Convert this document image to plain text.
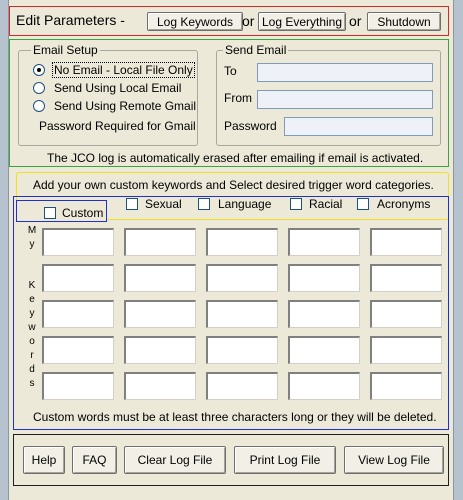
Edit Parameters -	Log Keywords or Log Everything or	Shutdown
Email Setup
No Email - Local File Only
Send Using Local Email
Send Using Remote Gmail
Password Required for Gmail
Send Email
To
From
Password
The JCO log is automatically erased after emailing if email is activated.
Add your own custom keywords and Select desired trigger word categories.
Custom
Sexual	Language	Racial	Acronyms
M
y
K
e
y
w
o
r
d
s
Custom words must be at least three characters long or they will be deleted.
Help	FAQ	Clear Log File	Print Log File	View Log File
